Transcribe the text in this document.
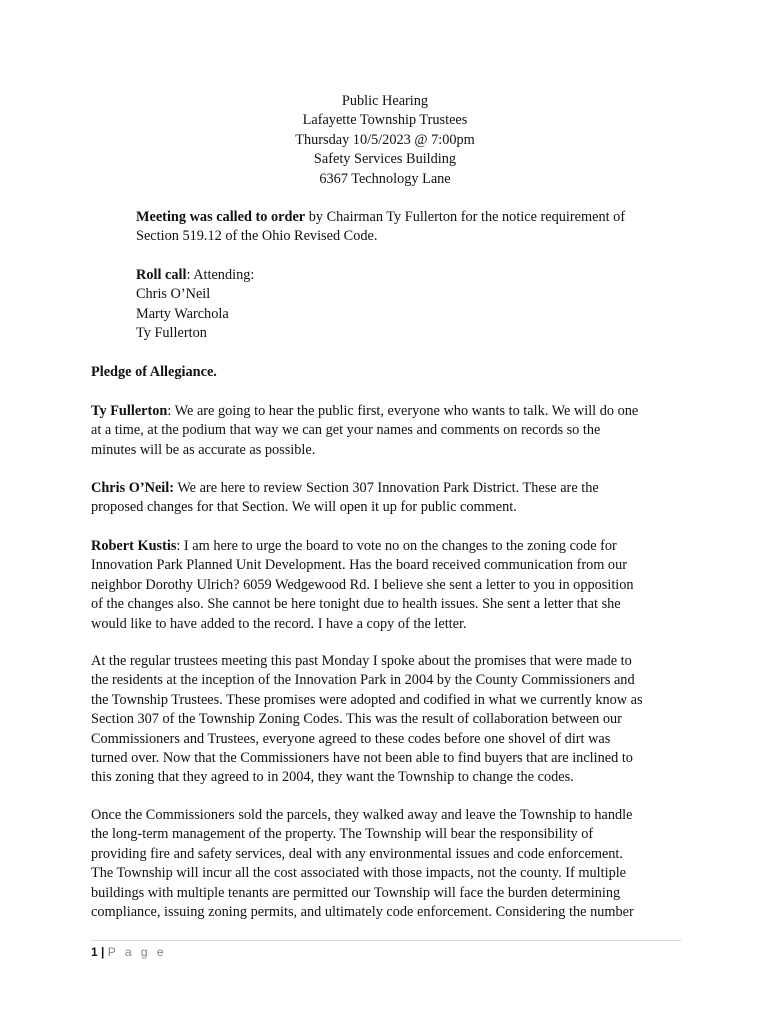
Public Hearing
Lafayette Township Trustees
Thursday 10/5/2023 @ 7:00pm
Safety Services Building
6367 Technology Lane
Meeting was called to order by Chairman Ty Fullerton for the notice requirement of
Section 519.12 of the Ohio Revised Code.
Roll call: Attending:
Chris O’Neil
Marty Warchola
Ty Fullerton
Pledge of Allegiance.
Ty Fullerton: We are going to hear the public first, everyone who wants to talk. We will do one
at a time, at the podium that way we can get your names and comments on records so the
minutes will be as accurate as possible.
Chris O’Neil: We are here to review Section 307 Innovation Park District. These are the
proposed changes for that Section. We will open it up for public comment.
Robert Kustis: I am here to urge the board to vote no on the changes to the zoning code for
Innovation Park Planned Unit Development. Has the board received communication from our
neighbor Dorothy Ulrich? 6059 Wedgewood Rd. I believe she sent a letter to you in opposition
of the changes also. She cannot be here tonight due to health issues. She sent a letter that she
would like to have added to the record. I have a copy of the letter.
At the regular trustees meeting this past Monday I spoke about the promises that were made to
the residents at the inception of the Innovation Park in 2004 by the County Commissioners and
the Township Trustees. These promises were adopted and codified in what we currently know as
Section 307 of the Township Zoning Codes. This was the result of collaboration between our
Commissioners and Trustees, everyone agreed to these codes before one shovel of dirt was
turned over. Now that the Commissioners have not been able to find buyers that are inclined to
this zoning that they agreed to in 2004, they want the Township to change the codes.
Once the Commissioners sold the parcels, they walked away and leave the Township to handle
the long-term management of the property. The Township will bear the responsibility of
providing fire and safety services, deal with any environmental issues and code enforcement.
The Township will incur all the cost associated with those impacts, not the county. If multiple
buildings with multiple tenants are permitted our Township will face the burden determining
compliance, issuing zoning permits, and ultimately code enforcement. Considering the number
1 | P a g e
